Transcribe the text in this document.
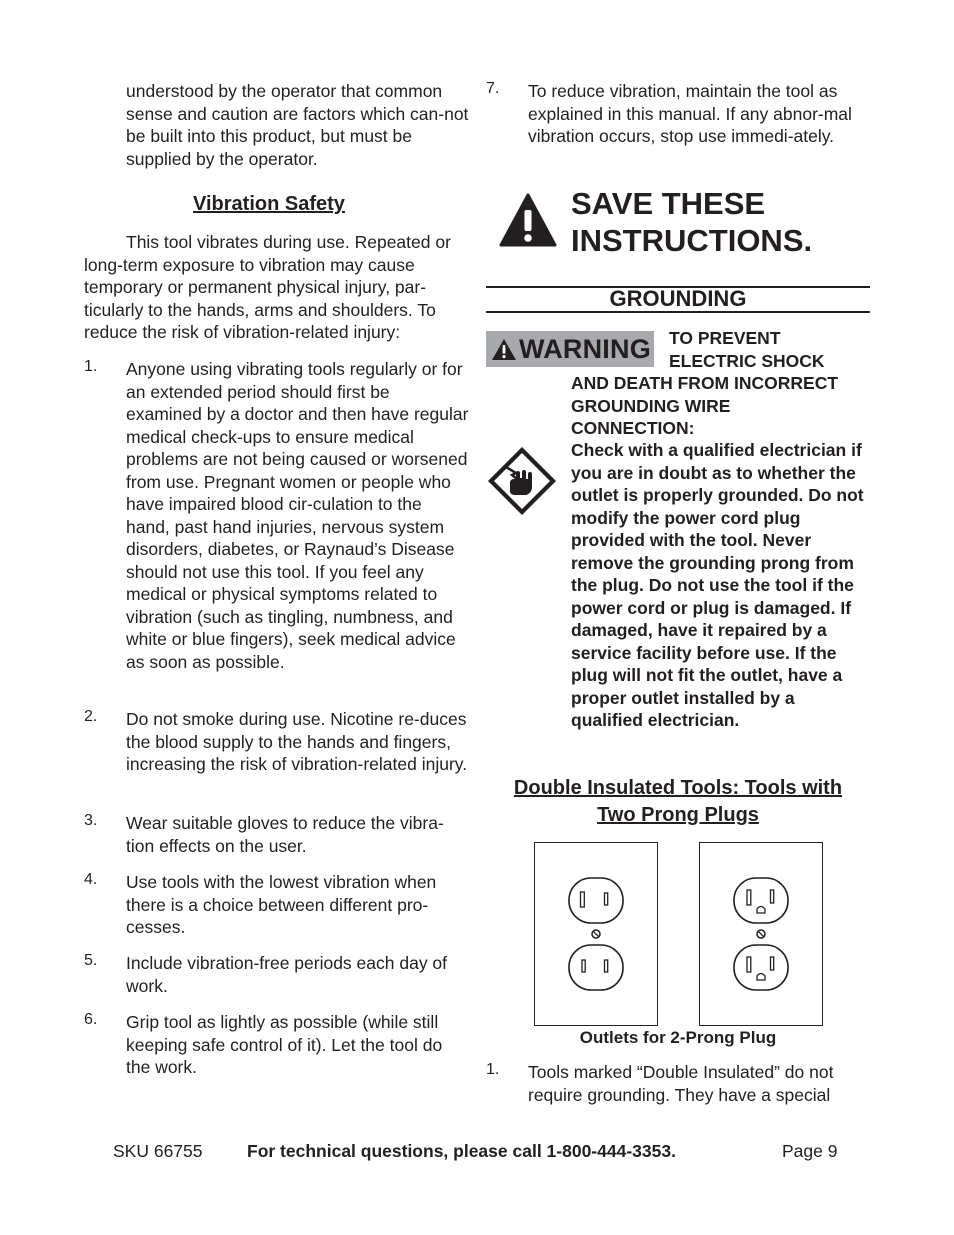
understood by the operator that common sense and caution are factors which can-not be built into this product, but must be supplied by the operator.

Vibration Safety

This tool vibrates during use. Repeated or long-term exposure to vibration may cause temporary or permanent physical injury, par-ticularly to the hands, arms and shoulders. To reduce the risk of vibration-related injury:

1. Anyone using vibrating tools regularly or for an extended period should first be examined by a doctor and then have regular medical check-ups to ensure medical problems are not being caused or worsened from use. Pregnant women or people who have impaired blood cir-culation to the hand, past hand injuries, nervous system disorders, diabetes, or Raynaud’s Disease should not use this tool. If you feel any medical or physical symptoms related to vibration (such as tingling, numbness, and white or blue fingers), seek medical advice as soon as possible.

2. Do not smoke during use. Nicotine re-duces the blood supply to the hands and fingers, increasing the risk of vibration-related injury.

3. Wear suitable gloves to reduce the vibra-tion effects on the user.

4. Use tools with the lowest vibration when there is a choice between different pro-cesses.

5. Include vibration-free periods each day of work.

6. Grip tool as lightly as possible (while still keeping safe control of it). Let the tool do the work.

7. To reduce vibration, maintain the tool as explained in this manual. If any abnor-mal vibration occurs, stop use immedi-ately.

SAVE THESE
INSTRUCTIONS.
GROUNDING
WARNING TO PREVENT
ELECTRIC SHOCK
AND DEATH FROM INCORRECT
GROUNDING WIRE
CONNECTION:

Check with a qualified electrician if you are in doubt as to whether the outlet is properly grounded. Do not modify the power cord plug provided with the tool. Never remove the grounding prong from the plug. Do not use the tool if the power cord or plug is damaged. If damaged, have it repaired by a service facility before use. If the plug will not fit the outlet, have a proper outlet installed by a qualified electrician.

Double Insulated Tools: Tools with
Two Prong Plugs
Outlets for 2-Prong Plug
1. Tools marked “Double Insulated” do not require grounding. They have a special

SKU 66755	For technical questions, please call 1-800-444-3353.	Page 9
